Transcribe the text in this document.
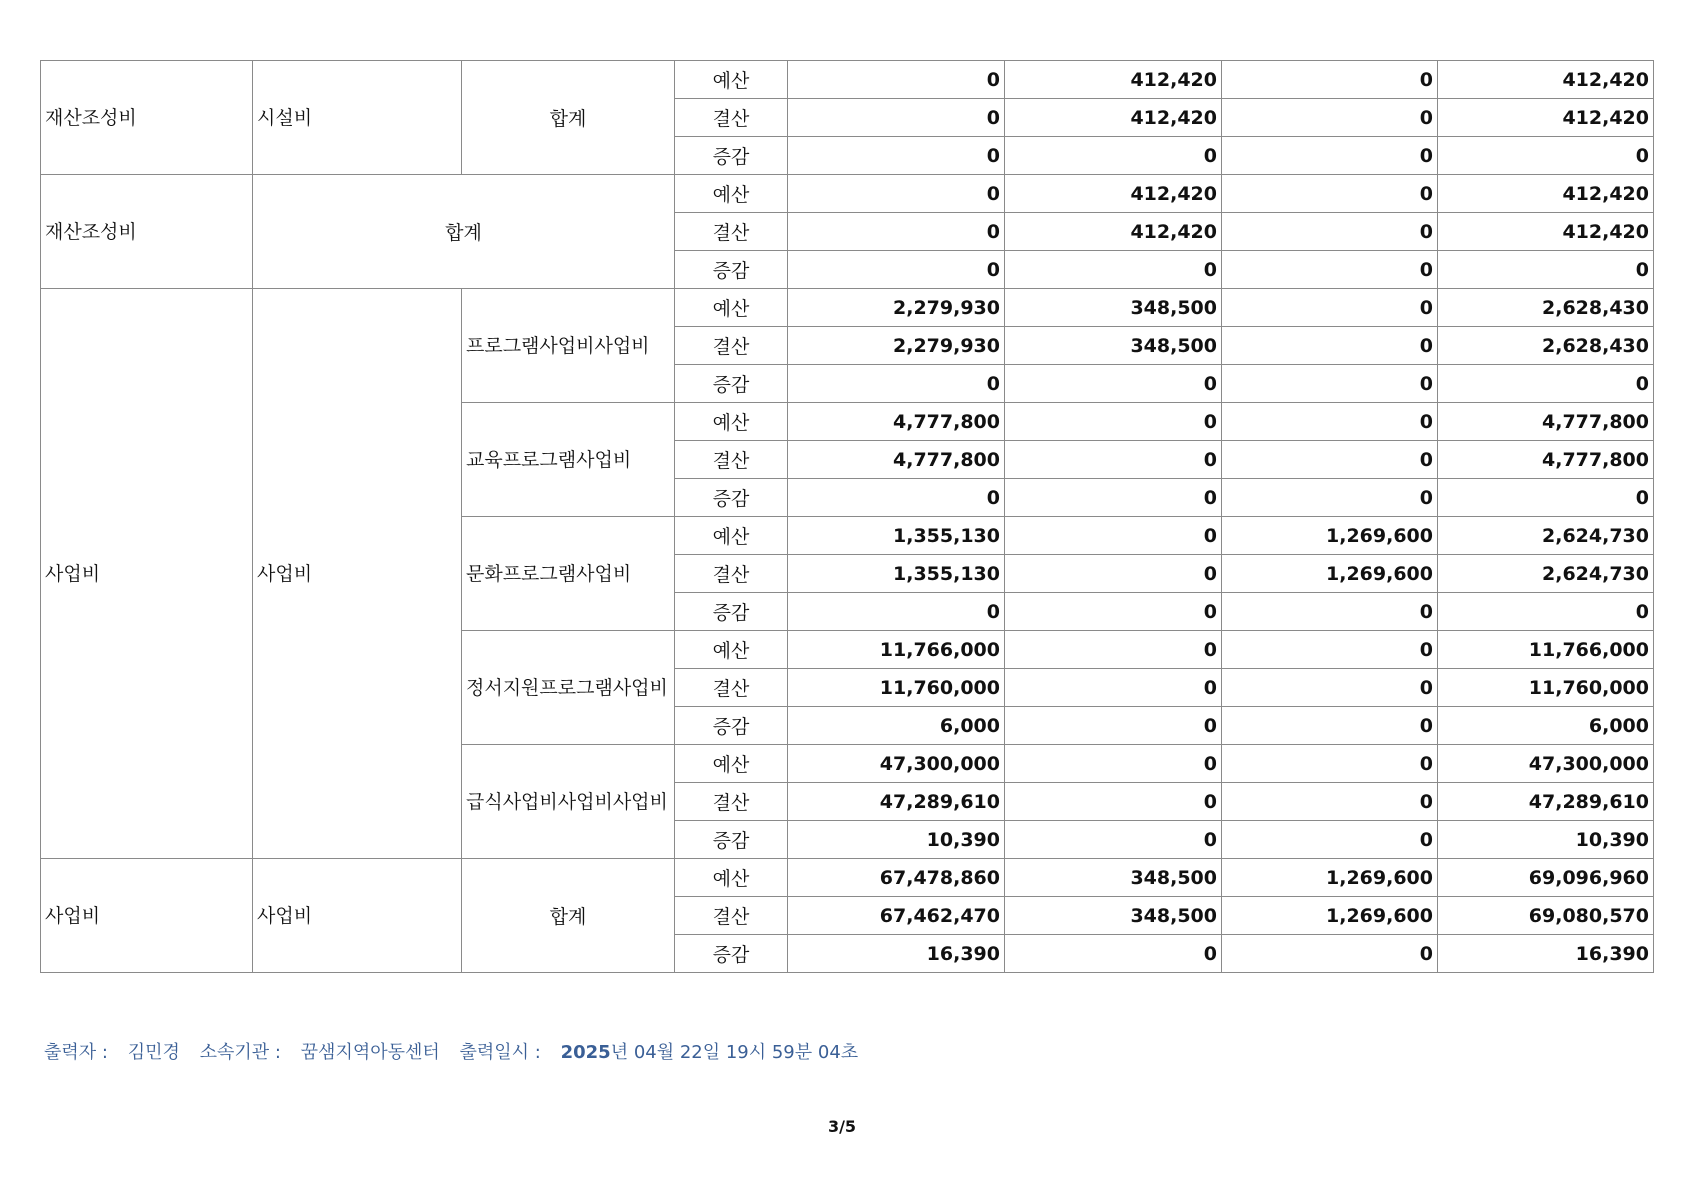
재산조성비	시설비	합계	예산	0	412,420	0	412,420
			결산	0	412,420	0	412,420
			증감	0	0	0	0
재산조성비	합계		예산	0	412,420	0	412,420
			결산	0	412,420	0	412,420
			증감	0	0	0	0
사업비	사업비	프로그램사업비사업비	예산	2,279,930	348,500	0	2,628,430
			결산	2,279,930	348,500	0	2,628,430
			증감	0	0	0	0
		교육프로그램사업비	예산	4,777,800	0	0	4,777,800
			결산	4,777,800	0	0	4,777,800
			증감	0	0	0	0
		문화프로그램사업비	예산	1,355,130	0	1,269,600	2,624,730
			결산	1,355,130	0	1,269,600	2,624,730
			증감	0	0	0	0
		정서지원프로그램사업비	예산	11,766,000	0	0	11,766,000
			결산	11,760,000	0	0	11,760,000
			증감	6,000	0	0	6,000
		급식사업비사업비사업비	예산	47,300,000	0	0	47,300,000
			결산	47,289,610	0	0	47,289,610
			증감	10,390	0	0	10,390
사업비	사업비	합계	예산	67,478,860	348,500	1,269,600	69,096,960
			결산	67,462,470	348,500	1,269,600	69,080,570
			증감	16,390	0	0	16,390
출력자 : 김민경 소속기관 : 꿈샘지역아동센터 출력일시 : 2025년 04월 22일 19시 59분 04초
3/5
